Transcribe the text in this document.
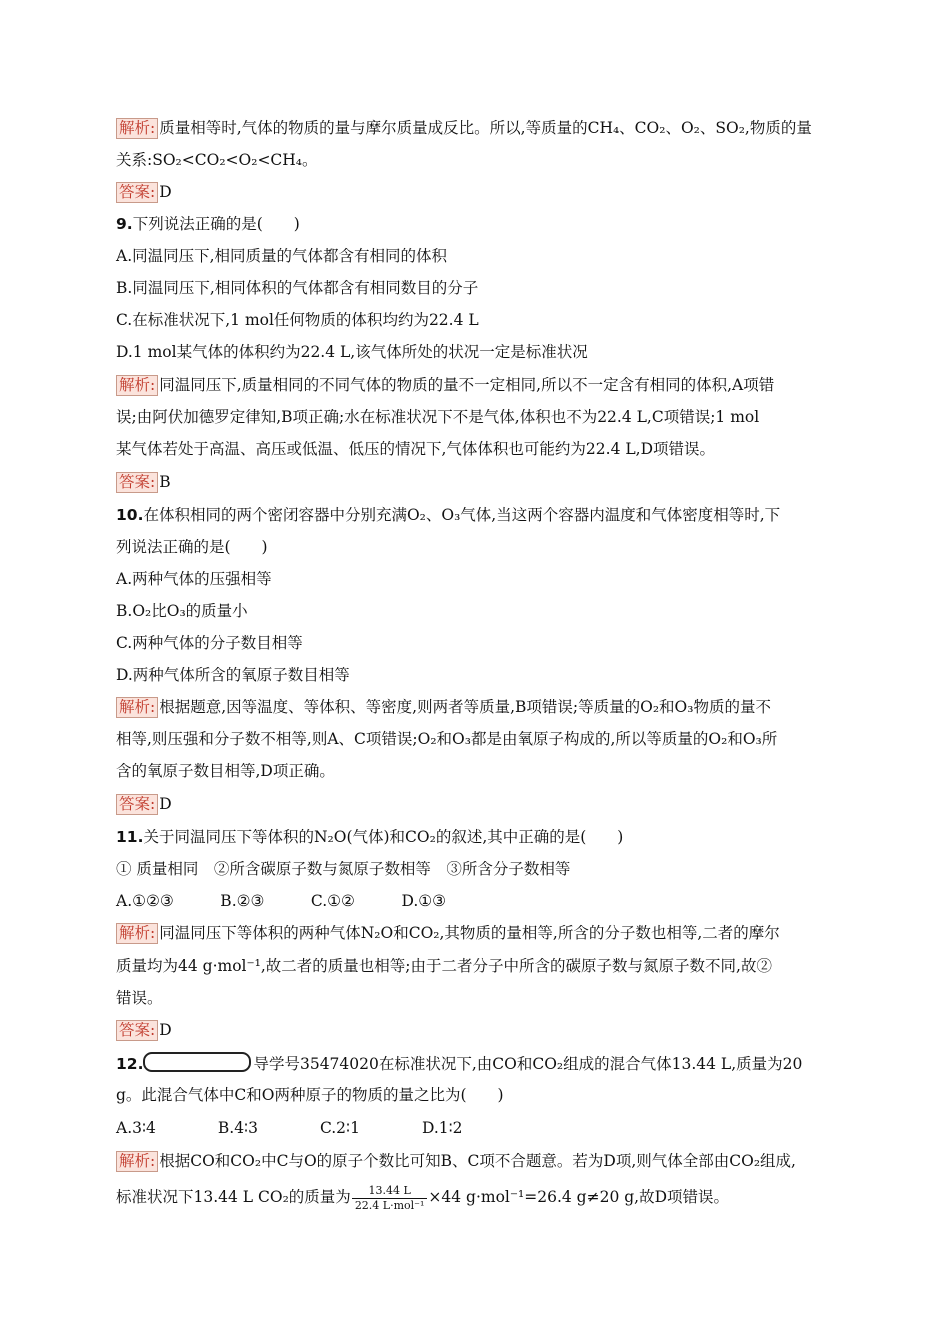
解析: 质量相等时,气体的物质的量与摩尔质量成反比。所以,等质量的CH₄、CO₂、O₂、SO₂,物质的量
关系:SO₂<CO₂<O₂<CH₄。
答案: D
9.下列说法正确的是(　　)
A.同温同压下,相同质量的气体都含有相同的体积
B.同温同压下,相同体积的气体都含有相同数目的分子
C.在标准状况下,1 mol任何物质的体积均约为22.4 L
D.1 mol某气体的体积约为22.4 L,该气体所处的状况一定是标准状况
解析: 同温同压下,质量相同的不同气体的物质的量不一定相同,所以不一定含有相同的体积,A项错
误;由阿伏加德罗定律知,B项正确;水在标准状况下不是气体,体积也不为22.4 L,C项错误;1 mol
某气体若处于高温、高压或低温、低压的情况下,气体体积也可能约为22.4 L,D项错误。
答案: B
10.在体积相同的两个密闭容器中分别充满O₂、O₃气体,当这两个容器内温度和气体密度相等时,下
列说法正确的是(　　)
A.两种气体的压强相等
B.O₂比O₃的质量小
C.两种气体的分子数目相等
D.两种气体所含的氧原子数目相等
解析: 根据题意,因等温度、等体积、等密度,则两者等质量,B项错误;等质量的O₂和O₃物质的量不
相等,则压强和分子数不相等,则A、C项错误;O₂和O₃都是由氧原子构成的,所以等质量的O₂和O₃所
含的氧原子数目相等,D项正确。
答案: D
11.关于同温同压下等体积的N₂O(气体)和CO₂的叙述,其中正确的是(　　)
① 质量相同　②所含碳原子数与氮原子数相等　③所含分子数相等
A.①②③　　　B.②③　　　C.①②　　　D.①③
解析: 同温同压下等体积的两种气体N₂O和CO₂,其物质的量相等,所含的分子数也相等,二者的摩尔
质量均为44 g·mol⁻¹,故二者的质量也相等;由于二者分子中所含的碳原子数与氮原子数不同,故②
错误。
答案: D
12.	导学号35474020在标准状况下,由CO和CO₂组成的混合气体13.44 L,质量为20
g。此混合气体中C和O两种原子的物质的量之比为(　　)
A.3∶4　　　　B.4∶3　　　　C.2∶1　　　　D.1∶2
解析: 根据CO和CO₂中C与O的原子个数比可知B、C项不合题意。若为D项,则气体全部由CO₂组成,
标准状况下13.44 L CO₂的质量为 $\frac{13.44 L}{\text{22.4 L·mol⁻¹}} \times 44$ g·mol⁻¹=26.4 g≠20 g,故D项错误。
